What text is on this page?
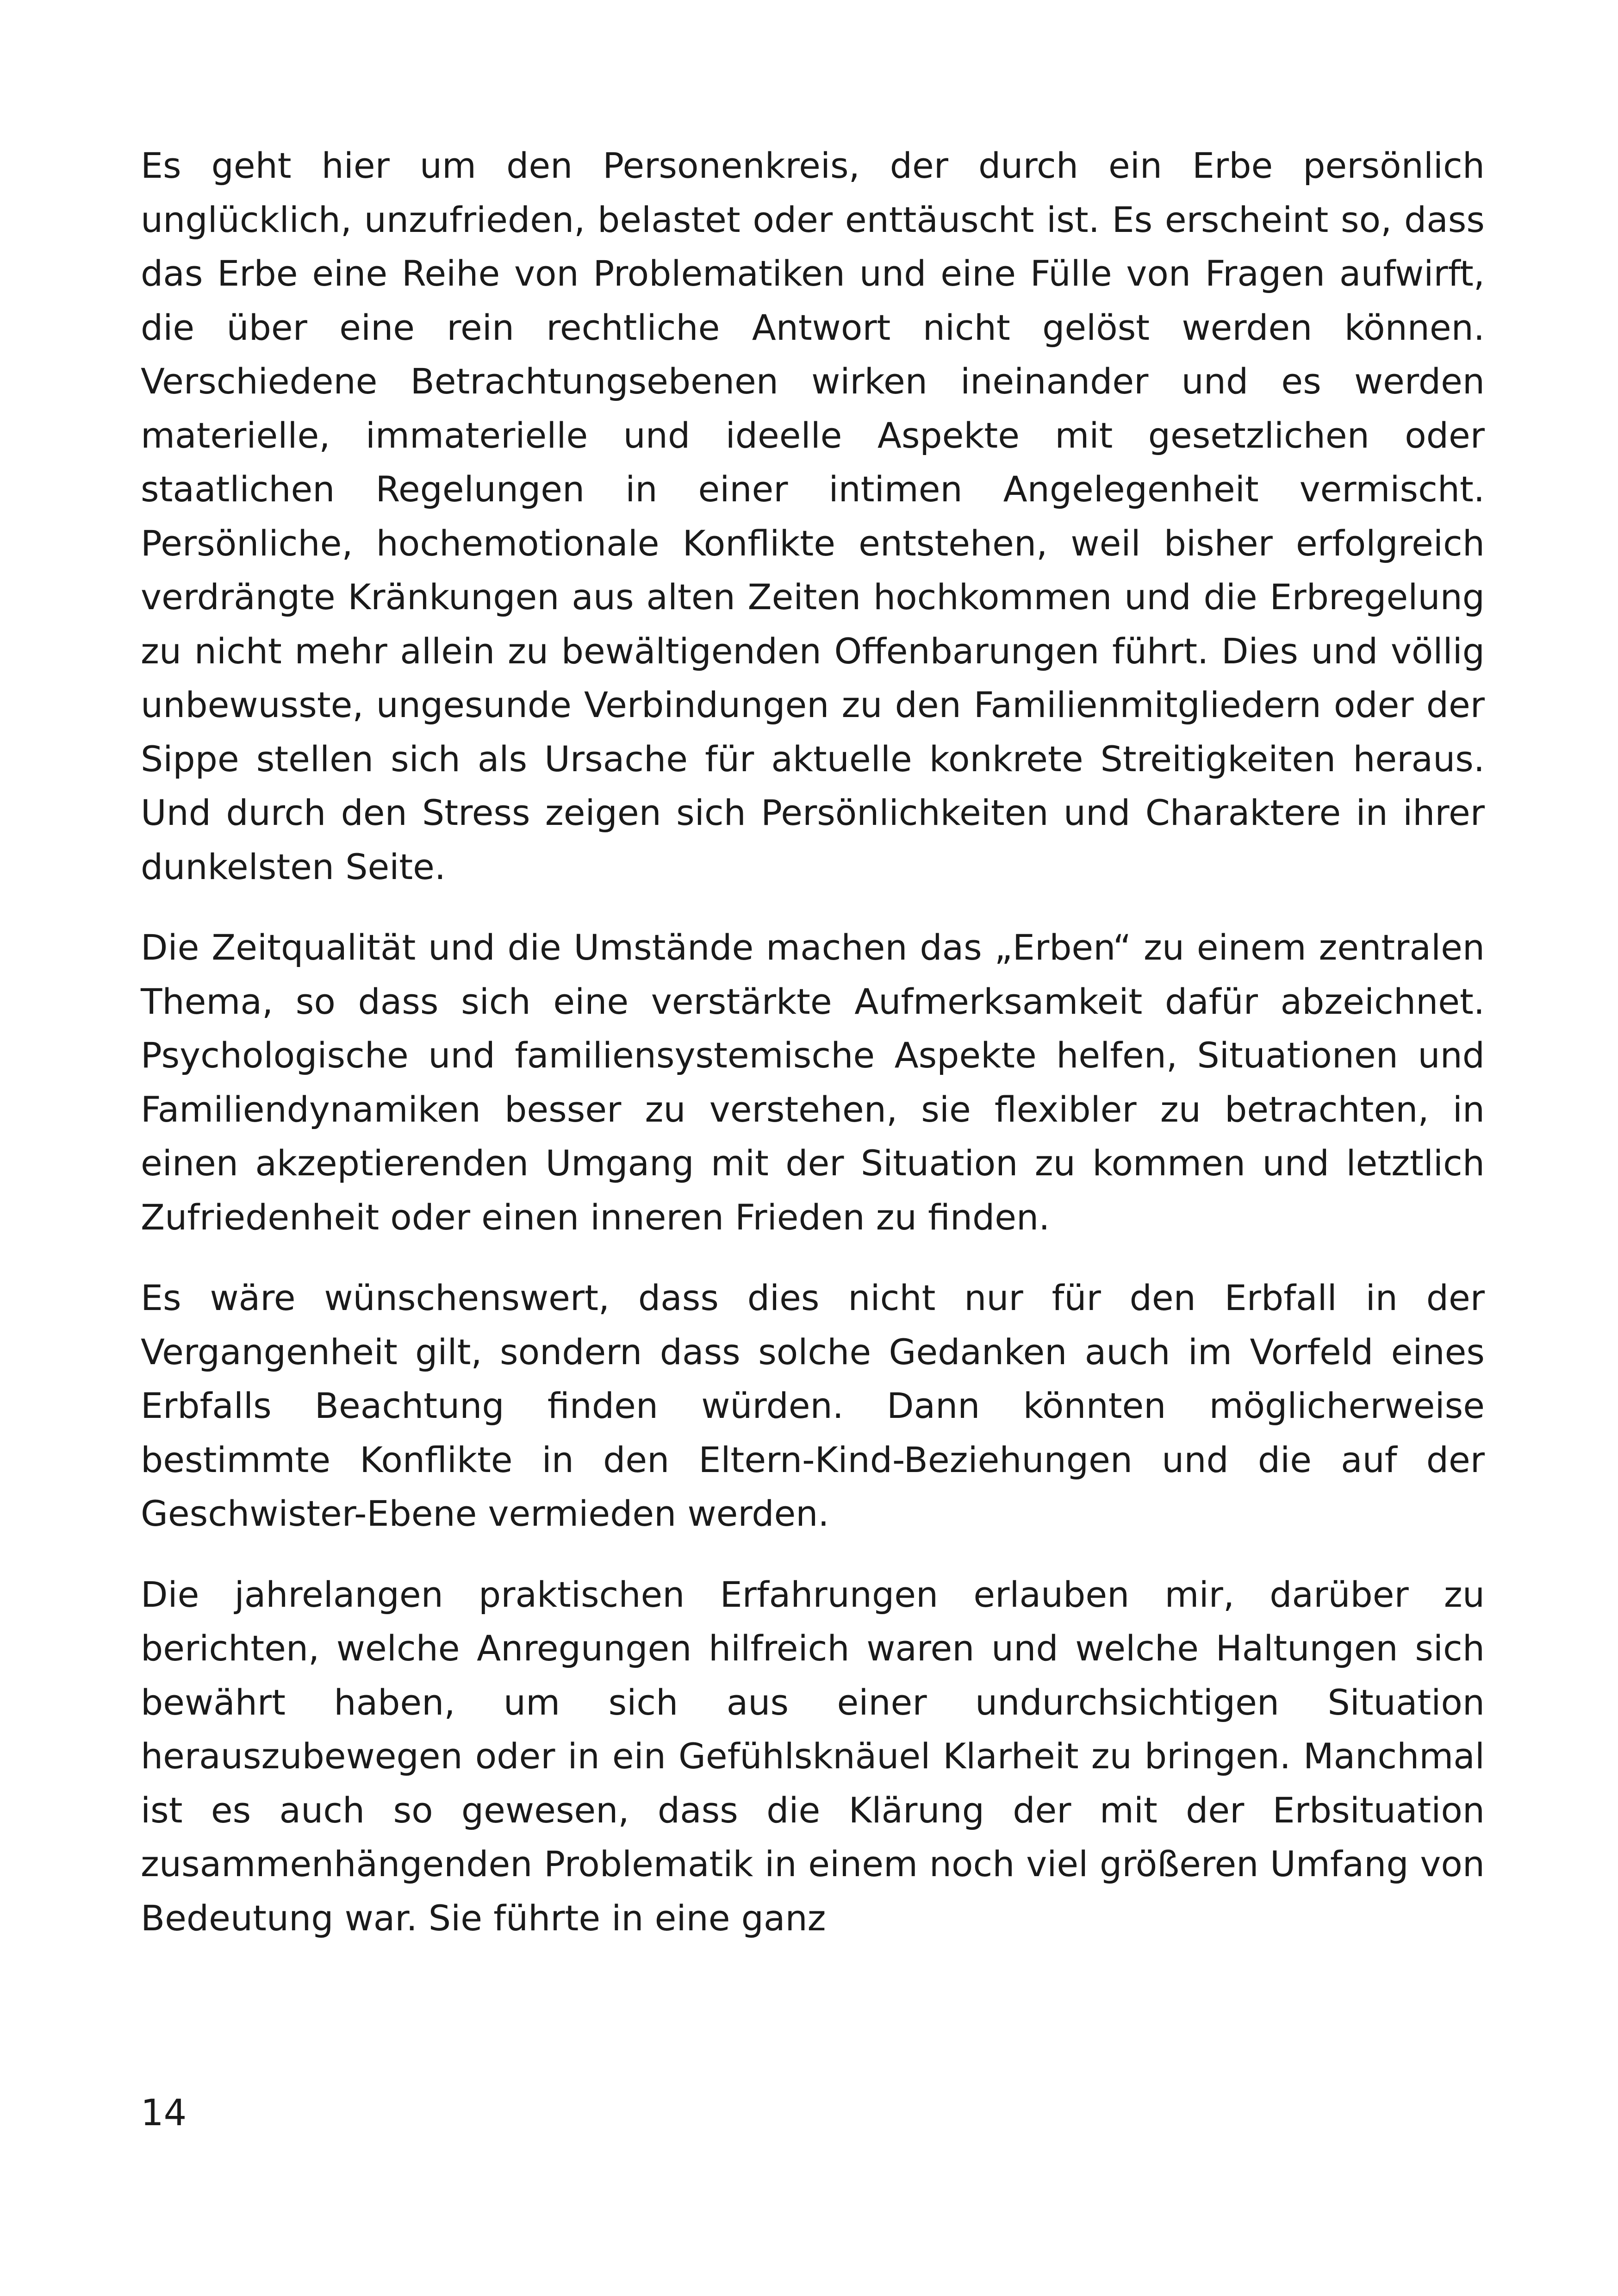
Es geht hier um den Personenkreis, der durch ein Erbe persönlich unglücklich, unzufrieden, belastet oder enttäuscht ist. Es erscheint so, dass das Erbe eine Reihe von Problematiken und eine Fülle von Fragen aufwirft, die über eine rein rechtliche Antwort nicht gelöst werden können. Verschiedene Betrachtungsebenen wirken ineinander und es werden materielle, immaterielle und ideelle Aspekte mit gesetzlichen oder staatlichen Regelungen in einer intimen Angelegenheit vermischt. Persönliche, hochemotionale Konflikte entstehen, weil bisher erfolgreich verdrängte Kränkungen aus alten Zeiten hochkommen und die Erbregelung zu nicht mehr allein zu bewältigenden Offenbarungen führt. Dies und völlig unbewusste, ungesunde Verbindungen zu den Familienmitgliedern oder der Sippe stellen sich als Ursache für aktuelle konkrete Streitigkeiten heraus. Und durch den Stress zeigen sich Persönlichkeiten und Charaktere in ihrer dunkelsten Seite.

Die Zeitqualität und die Umstände machen das „Erben“ zu einem zentralen Thema, so dass sich eine verstärkte Aufmerksamkeit dafür abzeichnet. Psychologische und familiensystemische Aspekte helfen, Situationen und Familiendynamiken besser zu verstehen, sie flexibler zu betrachten, in einen akzeptierenden Umgang mit der Situation zu kommen und letztlich Zufriedenheit oder einen inneren Frieden zu finden.

Es wäre wünschenswert, dass dies nicht nur für den Erbfall in der Vergangenheit gilt, sondern dass solche Gedanken auch im Vorfeld eines Erbfalls Beachtung finden würden. Dann könnten möglicherweise bestimmte Konflikte in den Eltern-Kind-Beziehungen und die auf der Geschwister-Ebene vermieden werden.

Die jahrelangen praktischen Erfahrungen erlauben mir, darüber zu berichten, welche Anregungen hilfreich waren und welche Haltungen sich bewährt haben, um sich aus einer undurchsichtigen Situation herauszubewegen oder in ein Gefühlsknäuel Klarheit zu bringen. Manchmal ist es auch so gewesen, dass die Klärung der mit der Erbsituation zusammenhängenden Problematik in einem noch viel größeren Umfang von Bedeutung war. Sie führte in eine ganz

14
